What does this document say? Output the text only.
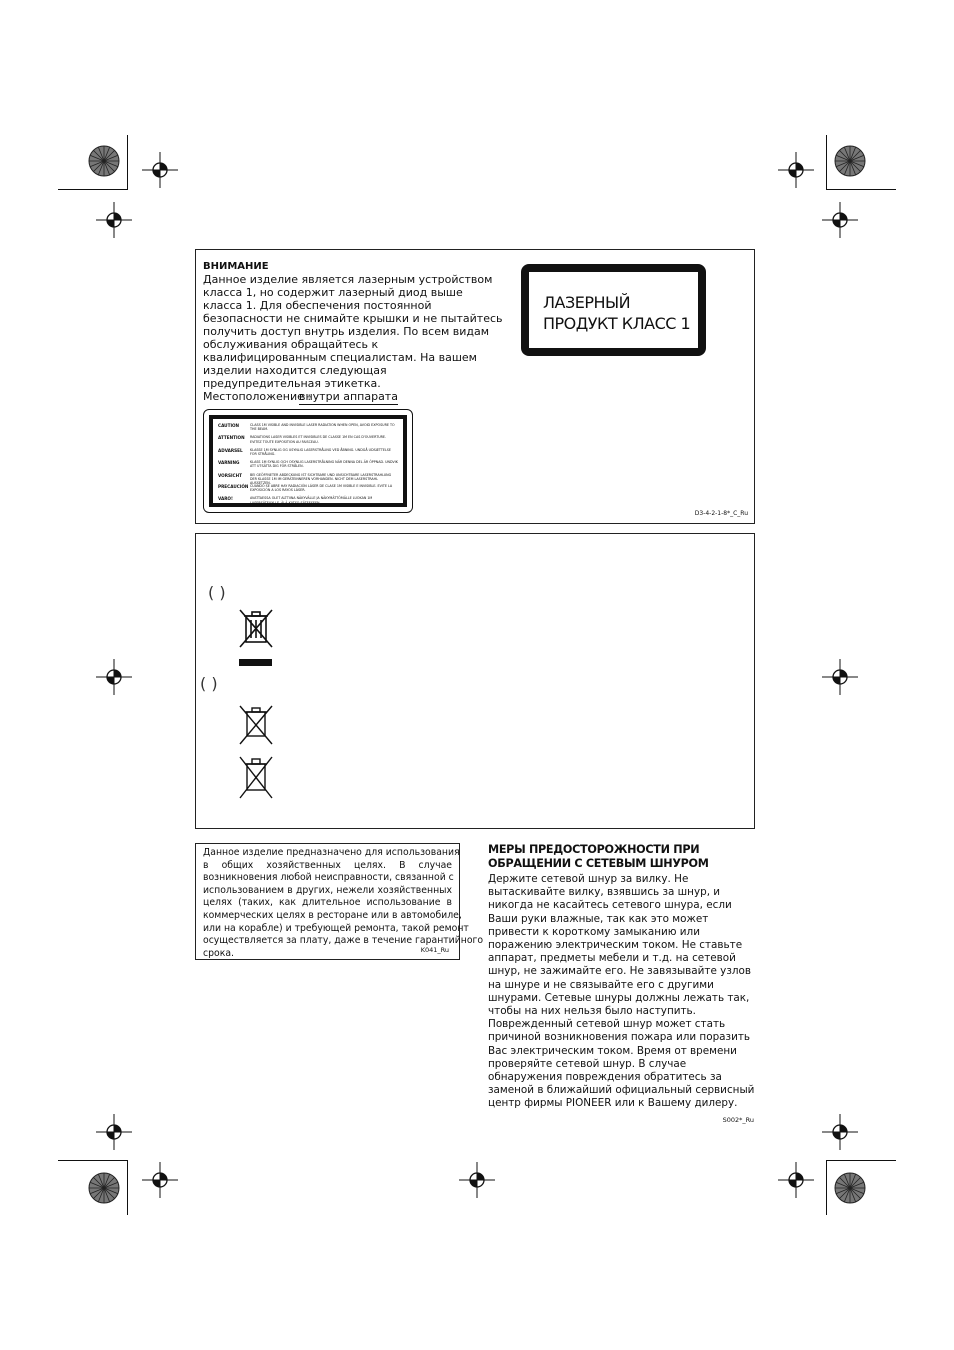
ВНИМАНИЕ
Данное изделие является лазерным устройством
класса 1, но содержит лазерный диод выше
класса 1. Для обеспечения постоянной
безопасности не снимайте крышки и не пытайтесь
получить доступ внутрь изделия. По всем видам
обслуживания обращайтесь к
квалифицированным специалистам. На вашем
изделии находится следующая
предупредительная этикетка.
Местоположение :
внутри аппарата
CAUTION	CLASS 1M VISIBLE AND INVISIBLE LASER RADIATION WHEN OPEN, AVOID EXPOSURE TO THE BEAM.
ATTENTION	RADIATIONS LASER VISIBLES ET INVISIBLES DE CLASSE 1M EN CAS D'OUVERTURE. EVITEZ TOUTE EXPOSITION AU FAISCEAU.
ADVARSEL	KLASSE 1M SYNLIG OG USYNLIG LASERSTRÅLING VED ÅBNING. UNDGÅ UDSÆTTELSE FOR STRÅLING.
VARNING	KLASS 1M SYNLIG OCH OSYNLIG LASERSTRÅLNING NÄR DENNA DEL ÄR ÖPPNAD. UNDVIK ATT UTSÄTTA DIG FÖR STRÅLEN.
VORSICHT	BEI GEÖFFNETER ABDECKUNG IST SICHTBARE UND UNSICHTBARE LASERSTRAHLUNG DER KLASSE 1M IM GERÄTEINNEREN VORHANDEN. NICHT DEM LASERSTRAHL AUSSETZEN.
PRECAUCIÓN CUANDO SE ABRE HAY RADIACIÓN LÁSER DE CLASE 1M VISIBLE E INVISIBLE. EVITE LA EXPOSICIÓN A LOS RAYOS LÁSER.
VARO!	AVATTAESSA OLET ALTTIINA NÄKYVÄLLE JA NÄKYMÄTTÖMÄLLE LUOKAN 1M LASERSÄTEILYLLE. ÄLÄ KATSO SÄTEESEEN.
ЛАЗЕРНЫЙ
ПРОДУКТ КЛАСС 1
D3-4-2-1-8*_C_Ru
( )
( )
Данное изделие предназначено для использования
в общих хозяйственных целях. В случае
возникновения любой неисправности, связанной с
использованием в других, нежели хозяйственных
целях (таких, как длительное использование в
коммерческих целях в ресторане или в автомобиле,
или на корабле) и требующей ремонта, такой ремонт
осуществляется за плату, даже в течение гарантийного
срока.	K041_Ru
МЕРЫ ПРЕДОСТОРОЖНОСТИ ПРИ
ОБРАЩЕНИИ С СЕТЕВЫМ ШНУРОМ
Держите сетевой шнур за вилку. Не
вытаскивайте вилку, взявшись за шнур, и
никогда не касайтесь сетевого шнура, если
Ваши руки влажные, так как это может
привести к короткому замыканию или
поражению электрическим током. Не ставьте
аппарат, предметы мебели и т.д. на сетевой
шнур, не зажимайте его. Не завязывайте узлов
на шнуре и не связывайте его с другими
шнурами. Сетевые шнуры должны лежать так,
чтобы на них нельзя было наступить.
Поврежденный сетевой шнур может стать
причиной возникновения пожара или поразить
Вас электрическим током. Время от времени
проверяйте сетевой шнур. В случае
обнаружения повреждения обратитесь за
заменой в ближайший официальный сервисный
центр фирмы PIONEER или к Вашему дилеру.
S002*_Ru
